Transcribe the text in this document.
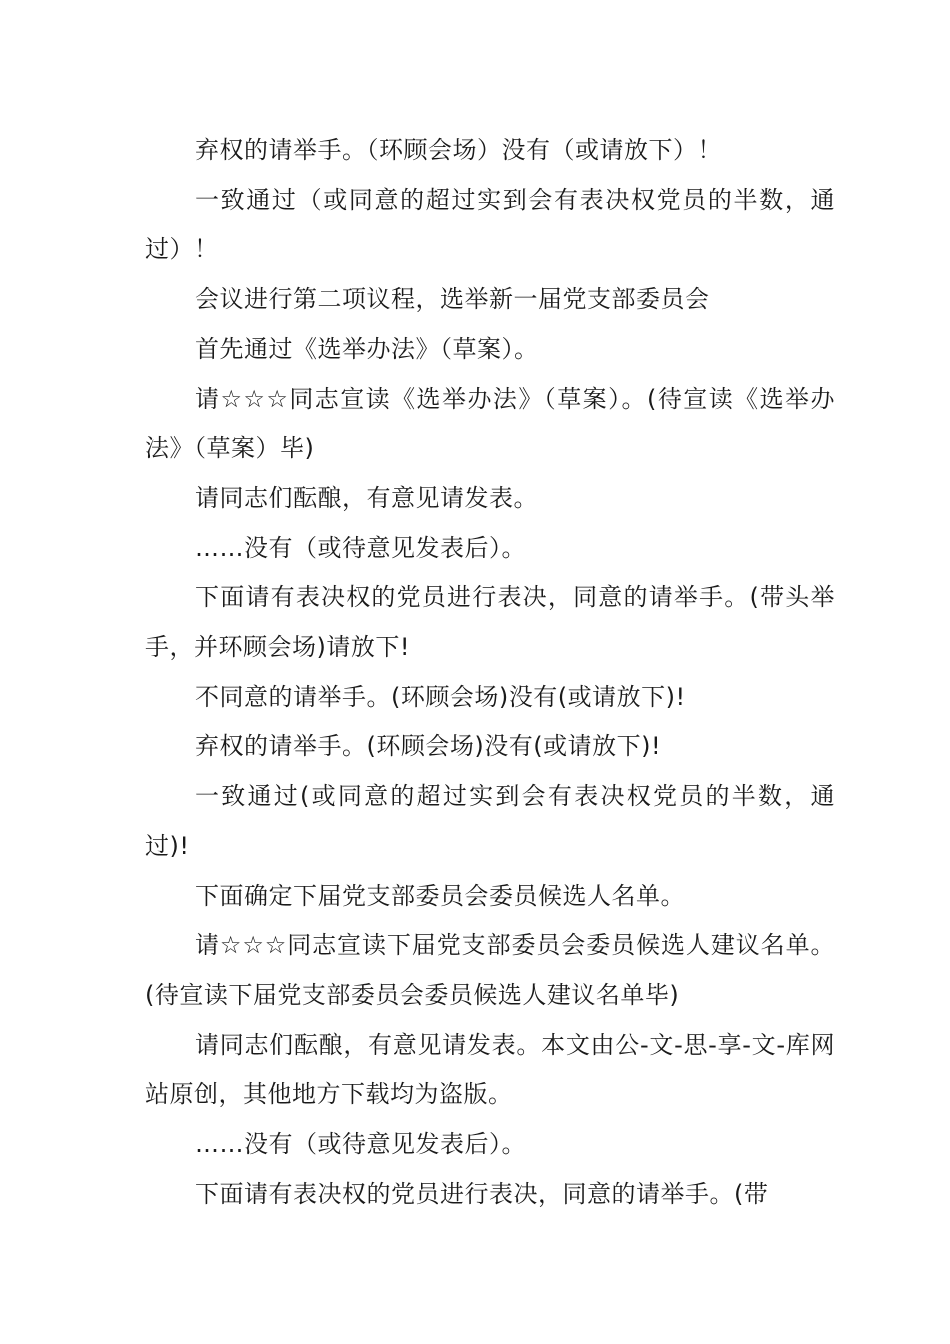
弃权的请举手。（环顾会场）没有（或请放下）！

一致通过（或同意的超过实到会有表决权党员的半数，通过）！

会议进行第二项议程，选举新一届党支部委员会

首先通过《选举办法》（草案）。

请☆☆☆同志宣读《选举办法》（草案）。(待宣读《选举办法》（草案）毕)

请同志们酝酿，有意见请发表。

……没有（或待意见发表后）。

下面请有表决权的党员进行表决，同意的请举手。(带头举手，并环顾会场)请放下!

不同意的请举手。(环顾会场)没有(或请放下)!

弃权的请举手。(环顾会场)没有(或请放下)!

一致通过(或同意的超过实到会有表决权党员的半数，通过)!

下面确定下届党支部委员会委员候选人名单。

请☆☆☆同志宣读下届党支部委员会委员候选人建议名单。(待宣读下届党支部委员会委员候选人建议名单毕)

请同志们酝酿，有意见请发表。本文由公-文-思-享-文-库网站原创，其他地方下载均为盗版。

……没有（或待意见发表后）。

下面请有表决权的党员进行表决，同意的请举手。(带
